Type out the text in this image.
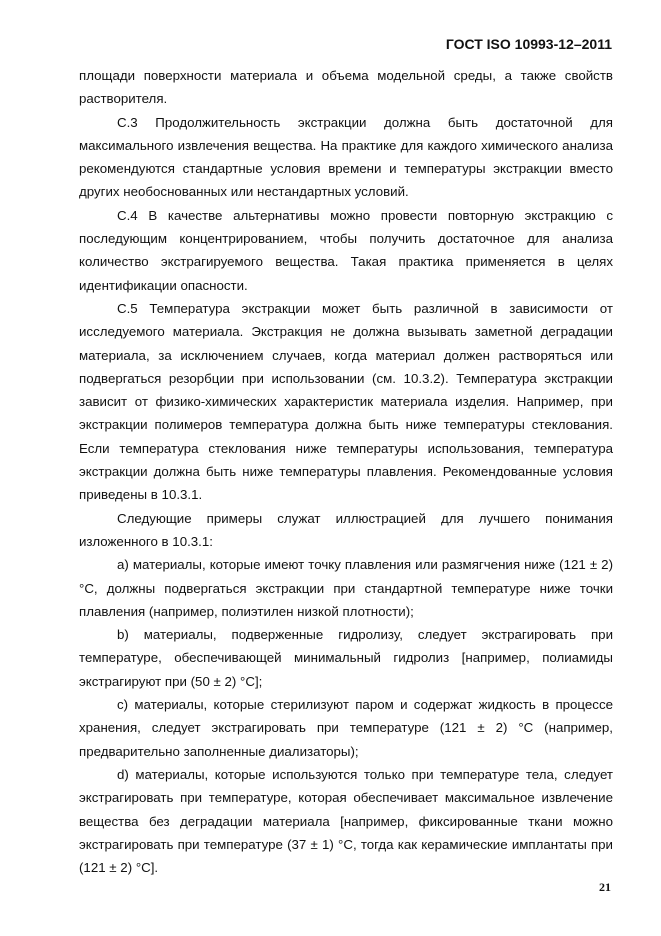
ГОСТ ISO 10993-12–2011

площади поверхности материала и объема модельной среды, а также свойств растворителя.

С.3 Продолжительность экстракции должна быть достаточной для максимального извлечения вещества. На практике для каждого химического анализа рекомендуются стандартные условия времени и температуры экстракции вместо других необоснованных или нестандартных условий.

С.4 В качестве альтернативы можно провести повторную экстракцию с последующим концентрированием, чтобы получить достаточное для анализа количество экстрагируемого вещества. Такая практика применяется в целях идентификации опасности.

С.5 Температура экстракции может быть различной в зависимости от исследуемого материала. Экстракция не должна вызывать заметной деградации материала, за исключением случаев, когда материал должен растворяться или подвергаться резорбции при использовании (см. 10.3.2). Температура экстракции зависит от физико-химических характеристик материала изделия. Например, при экстракции полимеров температура должна быть ниже температуры стеклования. Если температура стеклования ниже температуры использования, температура экстракции должна быть ниже температуры плавления. Рекомендованные условия приведены в 10.3.1.

Следующие примеры служат иллюстрацией для лучшего понимания изложенного в 10.3.1:

a) материалы, которые имеют точку плавления или размягчения ниже (121 ± 2) °С, должны подвергаться экстракции при стандартной температуре ниже точки плавления (например, полиэтилен низкой плотности);

b) материалы, подверженные гидролизу, следует экстрагировать при температуре, обеспечивающей минимальный гидролиз [например, полиамиды экстрагируют при (50 ± 2) °С];

c) материалы, которые стерилизуют паром и содержат жидкость в процессе хранения, следует экстрагировать при температуре (121 ± 2) °С (например, предварительно заполненные диализаторы);

d) материалы, которые используются только при температуре тела, следует экстрагировать при температуре, которая обеспечивает максимальное извлечение вещества без деградации материала [например, фиксированные ткани можно экстрагировать при температуре (37 ± 1) °С, тогда как керамические имплантаты при (121 ± 2) °С].

21
